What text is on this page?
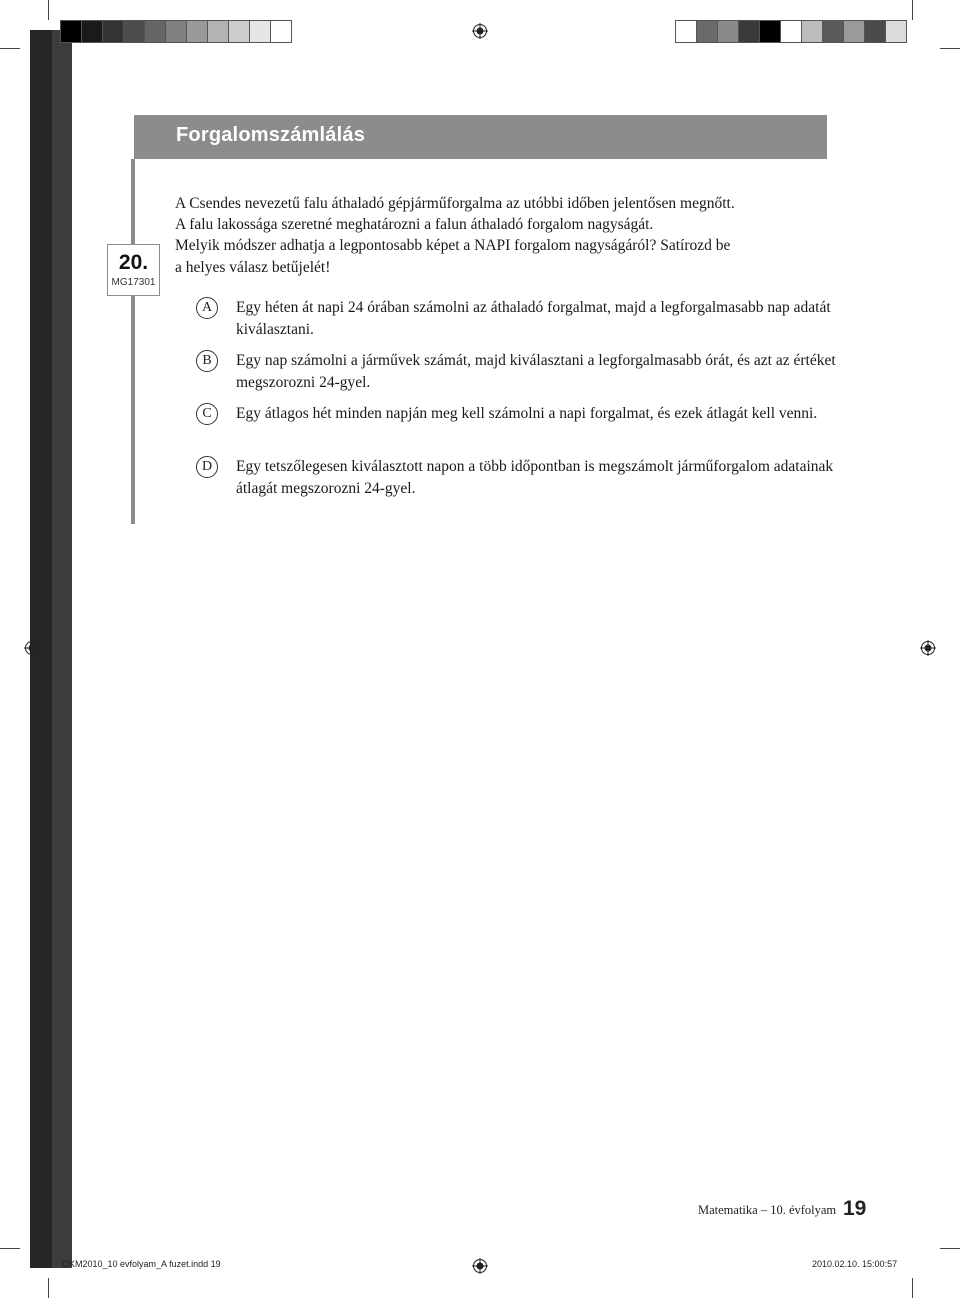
Forgalomszámlálás
20.
MG17301

A Csendes nevezetű falu áthaladó gépjárműforgalma az utóbbi időben jelentősen megnőtt.

A falu lakossága szeretné meghatározni a falun áthaladó forgalom nagyságát.

Melyik módszer adhatja a legpontosabb képet a NAPI forgalom nagyságáról? Satírozd be

a helyes válasz betűjelét!

A	Egy héten át napi 24 órában számolni az áthaladó forgalmat, majd a legforgalmasabb nap adatát kiválasztani.
B	Egy nap számolni a járművek számát, majd kiválasztani a legforgalmasabb órát, és azt az értéket megszorozni 24-gyel.
C	Egy átlagos hét minden napján meg kell számolni a napi forgalmat, és ezek átlagát kell venni.
D	Egy tetszőlegesen kiválasztott napon a több időpontban is megszámolt járműforgalom adatainak átlagát megszorozni 24-gyel.
Matematika – 10. évfolyam 19
OKM2010_10 evfolyam_A fuzet.indd 19	2010.02.10. 15:00:57
